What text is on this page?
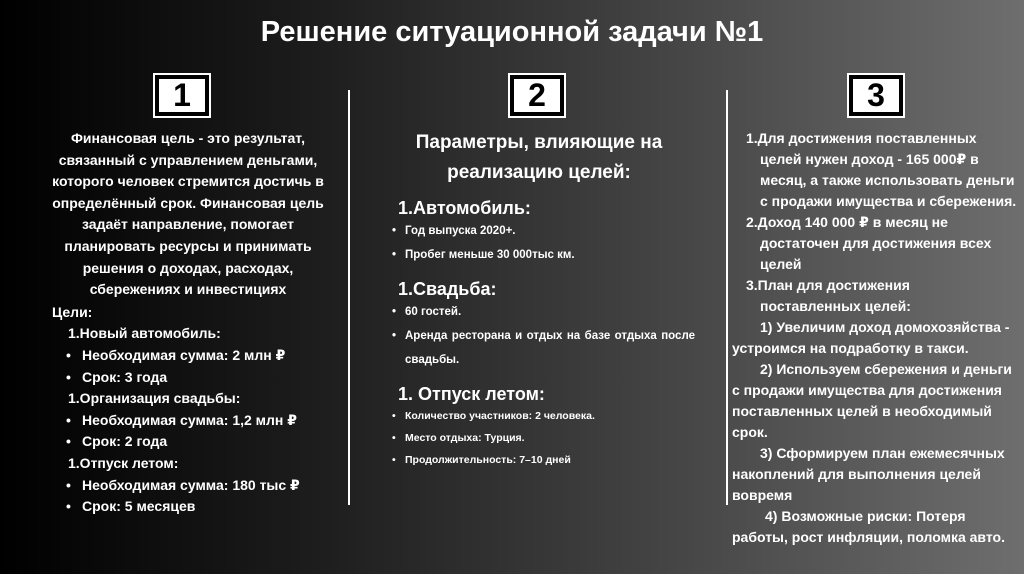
Решение ситуационной задачи №1
1	2	3
Финансовая цель - это результат, связанный с управлением деньгами, которого человек стремится достичь в определённый срок. Финансовая цель задаёт направление, помогает планировать ресурсы и принимать решения о доходах, расходах, сбережениях и инвестициях
Цели:
1.Новый автомобиль:
• Необходимая сумма: 2 млн ₽
• Срок: 3 года
1.Организация свадьбы:
• Необходимая сумма: 1,2 млн ₽
• Срок: 2 года
1.Отпуск летом:
• Необходимая сумма: 180 тыс ₽
• Срок: 5 месяцев
Параметры, влияющие на реализацию целей:
1.Автомобиль:
• Год выпуска 2020+.
• Пробег меньше 30 000тыс км.
1.Свадьба:
• 60 гостей.
• Аренда ресторана и отдых на базе отдыха после свадьбы.
1. Отпуск летом:
• Количество участников: 2 человека.
• Место отдыха: Турция.
• Продолжительность: 7–10 дней
1.Для достижения поставленных
целей нужен доход - 165 000₽ в месяц, а также использовать деньги с продажи имущества и сбережения.
2.Доход 140 000 ₽ в месяц не
достаточен для достижения всех целей
3.План для достижения
поставленных целей:
1) Увеличим доход домохозяйства - устроимся на подработку в такси.
2) Используем сбережения и деньги с продажи имущества для достижения поставленных целей в необходимый срок.
3) Сформируем план ежемесячных накоплений для выполнения целей вовремя
4) Возможные риски: Потеря работы, рост инфляции, поломка авто.
